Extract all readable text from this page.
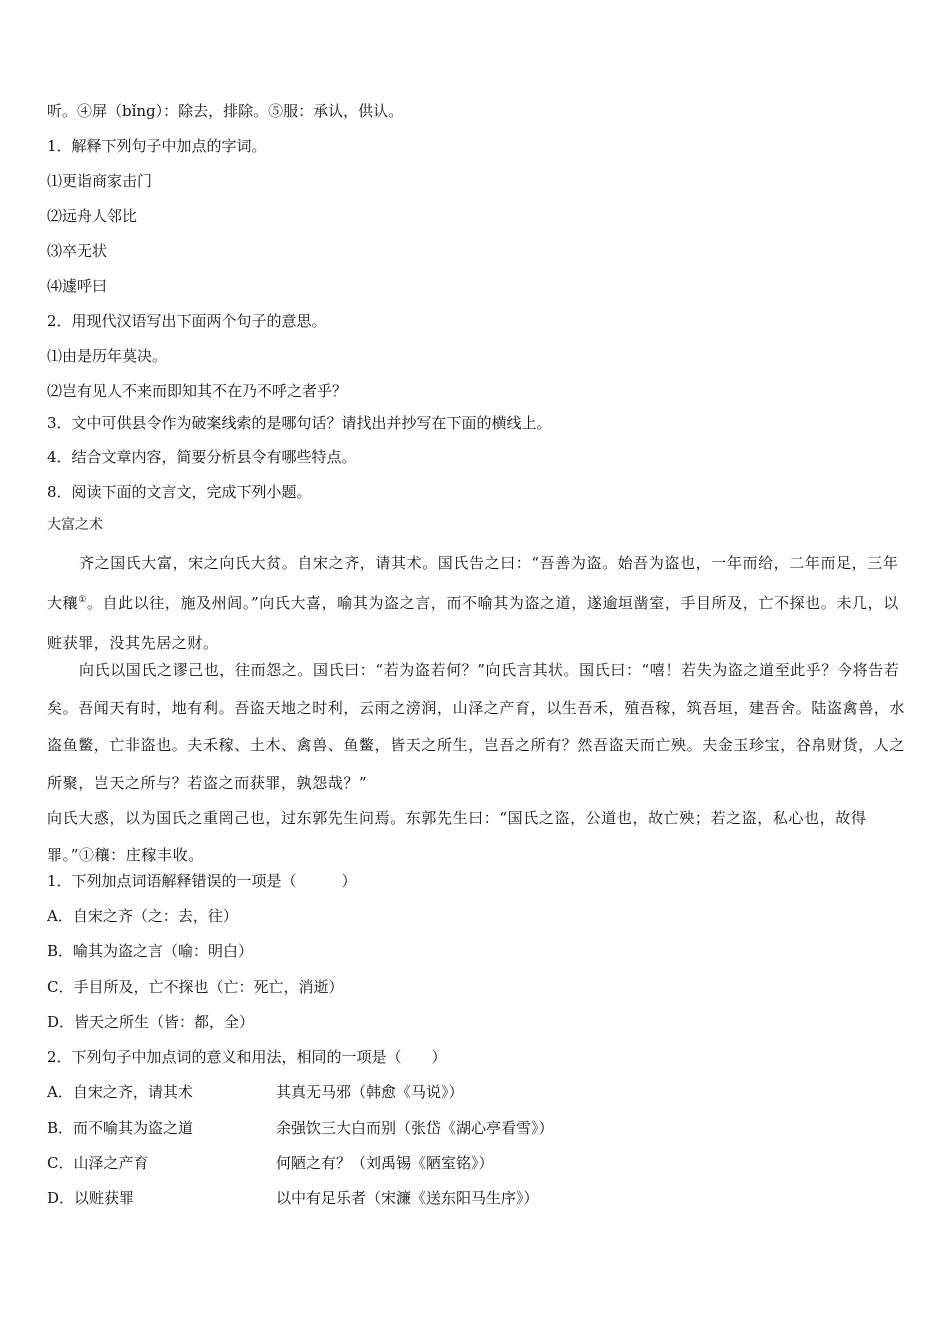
听。④屏（bǐnɡ）：除去，排除。⑤服：承认，供认。
1．解释下列句子中加点的字词。
⑴更诣商家击门
⑵远舟人邻比
⑶卒无状
⑷遽呼曰
2．用现代汉语写出下面两个句子的意思。
⑴由是历年莫决。
⑵岂有见人不来而即知其不在乃不呼之者乎？
3．文中可供县令作为破案线索的是哪句话？请找出并抄写在下面的横线上。
4．结合文章内容，简要分析县令有哪些特点。
8．阅读下面的文言文，完成下列小题。
大富之术
齐之国氏大富，宋之向氏大贫。自宋之齐，请其术。国氏告之曰：“吾善为盗。始吾为盗也，一年而给，二年而足，三年大穰①。自此以往，施及州闾。”向氏大喜，喻其为盗之言，而不喻其为盗之道，遂逾垣凿室，手目所及，亡不探也。未几，以赃获罪，没其先居之财。
向氏以国氏之谬己也，往而怨之。国氏曰：“若为盗若何？”向氏言其状。国氏曰：“嘻！若失为盗之道至此乎？今将告若矣。吾闻天有时，地有利。吾盗天地之时利，云雨之滂润，山泽之产育，以生吾禾，殖吾稼，筑吾垣，建吾舍。陆盗禽兽，水盗鱼鳖，亡非盗也。夫禾稼、土木、禽兽、鱼鳖，皆天之所生，岂吾之所有？然吾盗天而亡殃。夫金玉珍宝，谷帛财货，人之所聚，岂天之所与？若盗之而获罪，孰怨哉？”
向氏大惑，以为国氏之重罔己也，过东郭先生问焉。东郭先生曰：“国氏之盗，公道也，故亡殃；若之盗，私心也，故得罪。”①穰：庄稼丰收。
1．下列加点词语解释错误的一项是（　　　）
A．自宋之齐（之：去，往）
B．喻其为盗之言（喻：明白）
C．手目所及，亡不探也（亡：死亡，消逝）
D．皆天之所生（皆：都，全）
2．下列句子中加点词的意义和用法，相同的一项是（　　）
A．自宋之齐，请其术	其真无马邪（韩愈《马说》）
B．而不喻其为盗之道	余强饮三大白而别（张岱《湖心亭看雪》）
C．山泽之产育	何陋之有？（刘禹锡《陋室铭》）
D．以赃获罪	以中有足乐者（宋濂《送东阳马生序》）
